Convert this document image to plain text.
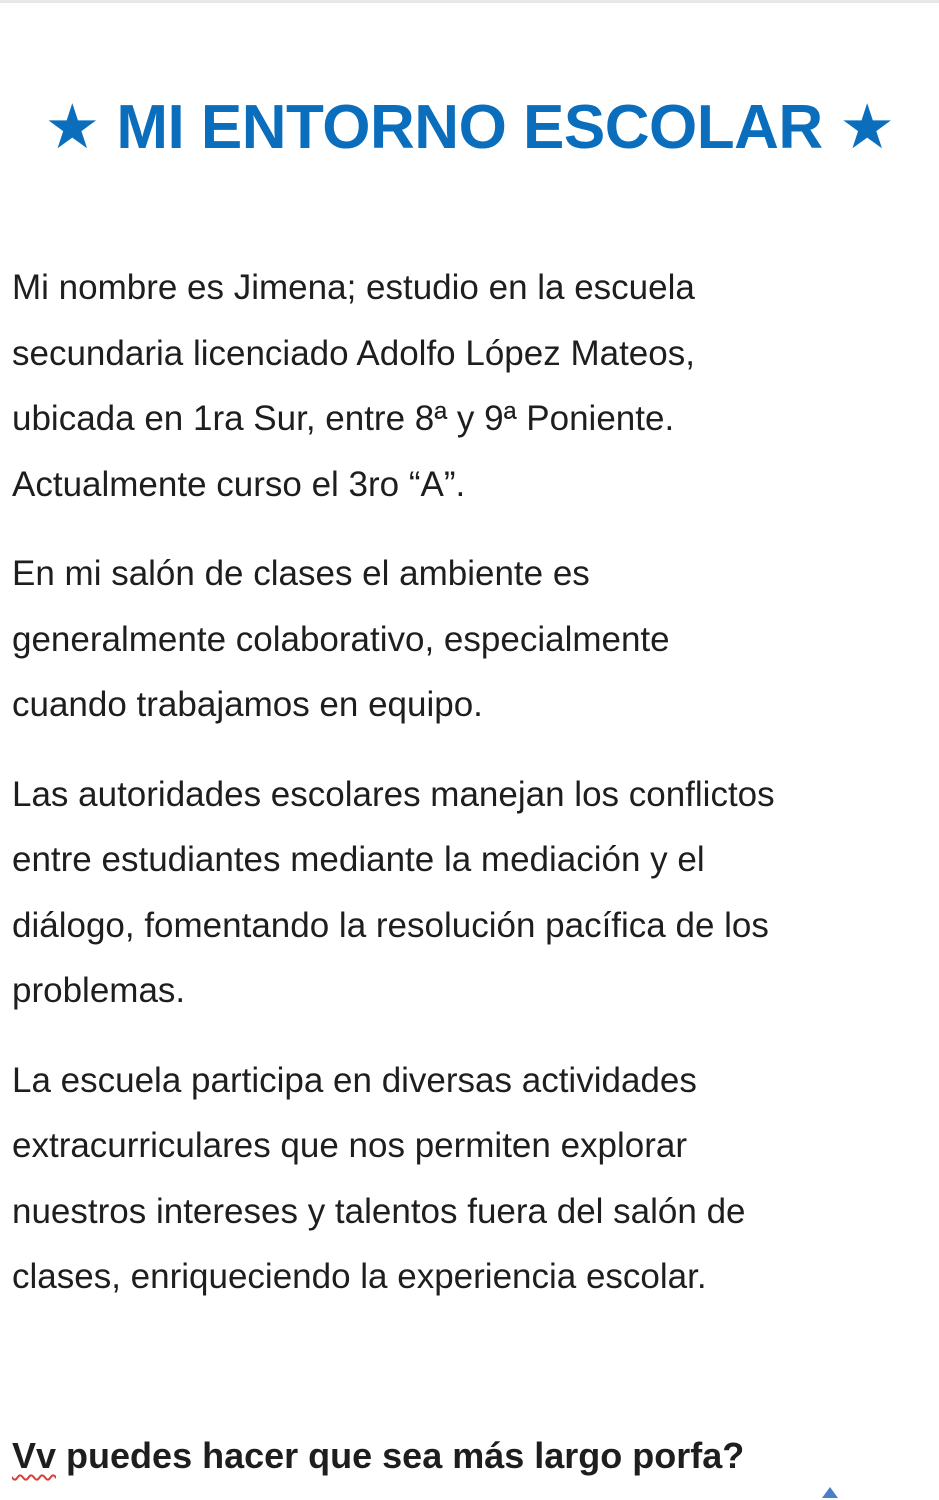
★ MI ENTORNO ESCOLAR ★

Mi nombre es Jimena; estudio en la escuela
secundaria licenciado Adolfo López Mateos,
ubicada en 1ra Sur, entre 8ª y 9ª Poniente.
Actualmente curso el 3ro “A”.

En mi salón de clases el ambiente es
generalmente colaborativo, especialmente
cuando trabajamos en equipo.

Las autoridades escolares manejan los conflictos
entre estudiantes mediante la mediación y el
diálogo, fomentando la resolución pacífica de los
problemas.

La escuela participa en diversas actividades
extracurriculares que nos permiten explorar
nuestros intereses y talentos fuera del salón de
clases, enriqueciendo la experiencia escolar.

Vv puedes hacer que sea más largo porfa?
